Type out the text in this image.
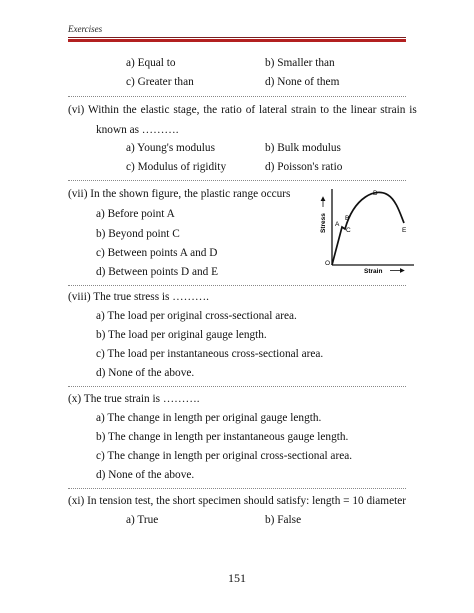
Exercises
a) Equal to	b) Smaller than
c) Greater than	d) None of them
(vi) Within the elastic stage, the ratio of lateral strain to the linear strain is
known as ……….
a) Young's modulus	b) Bulk modulus
c) Modulus of rigidity	d) Poisson's ratio
(vii) In the shown figure, the plastic range occurs
a) Before point A
b) Beyond point C
c) Between points A and D
d) Between points D and E
Stress
Strain
O
A
B
C
D
E
(viii) The true stress is ……….
a) The load per original cross-sectional area.
b) The load per original gauge length.
c) The load per instantaneous cross-sectional area.
d) None of the above.
(x) The true strain is ……….
a) The change in length per original gauge length.
b) The change in length per instantaneous gauge length.
c) The change in length per original cross-sectional area.
d) None of the above.
(xi) In tension test, the short specimen should satisfy: length = 10 diameter
a) True	b) False
151
